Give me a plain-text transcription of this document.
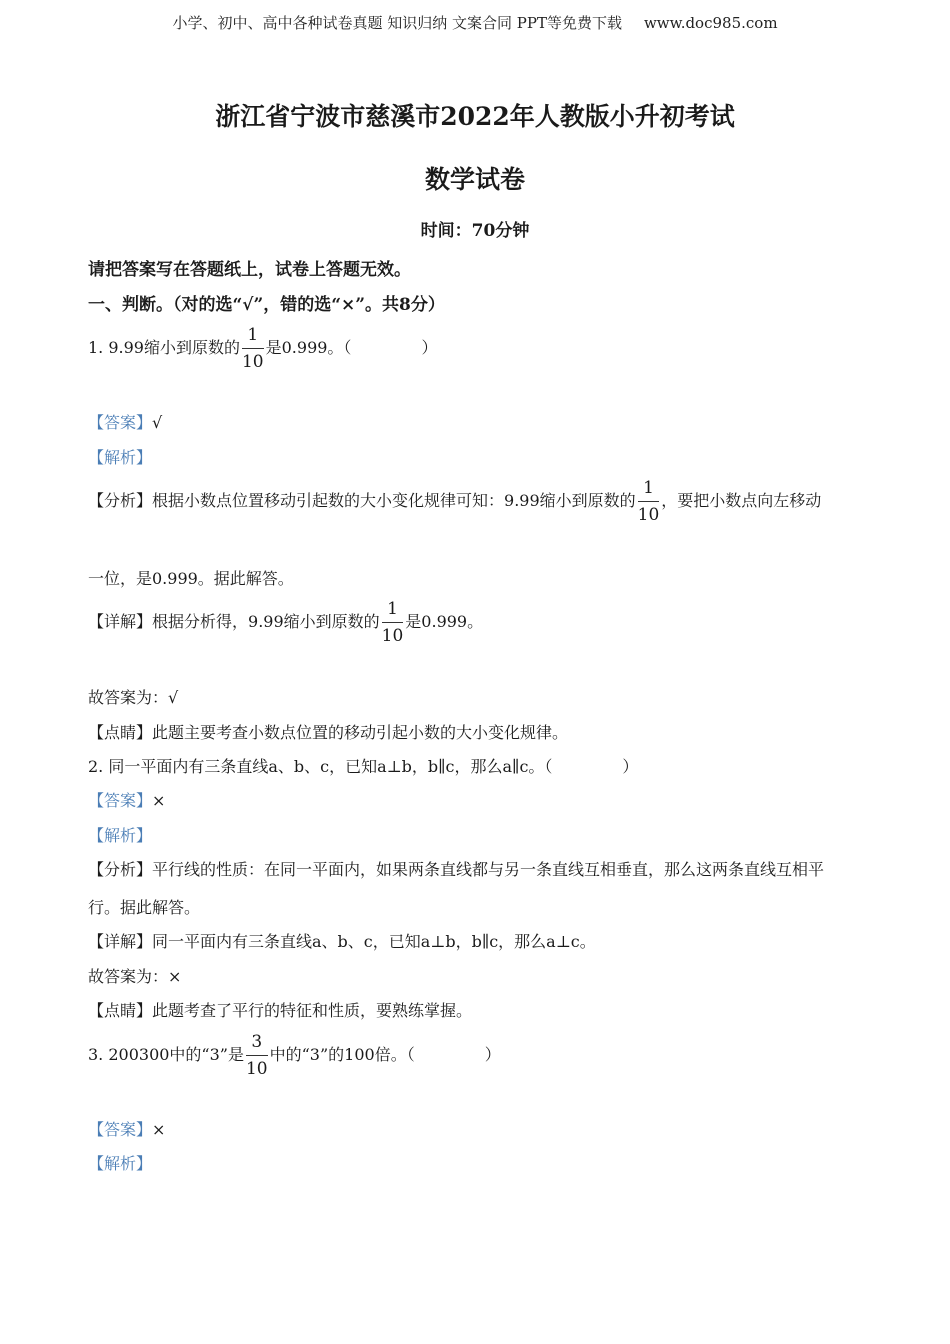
小学、初中、高中各种试卷真题 知识归纳 文案合同 PPT等免费下载 www.doc985.com
浙江省宁波市慈溪市2022年人教版小升初考试
数学试卷
时间：70分钟
请把答案写在答题纸上，试卷上答题无效。
一、判断。（对的选“√”，错的选“×”。共8分）
1. 9.99缩小到原数的 $\frac{1}{10}$ 是0.999。（	）
【答案】√
【解析】
【分析】根据小数点位置移动引起数的大小变化规律可知：9.99缩小到原数的 $\frac{1}{10}$ ，要把小数点向左移动
一位，是0.999。据此解答。
【详解】根据分析得，9.99缩小到原数的 $\frac{1}{10}$ 是0.999。
故答案为：√
【点睛】此题主要考查小数点位置的移动引起小数的大小变化规律。
2. 同一平面内有三条直线a、b、c，已知a⊥b，b∥c，那么a∥c。（	）
【答案】×
【解析】
【分析】平行线的性质：在同一平面内，如果两条直线都与另一条直线互相垂直，那么这两条直线互相平
行。据此解答。
【详解】同一平面内有三条直线a、b、c，已知a⊥b，b∥c，那么a⊥c。
故答案为：×
【点睛】此题考查了平行的特征和性质，要熟练掌握。
3. 200300中的“3”是 $\frac{3}{10}$ 中的“3”的100倍。（	）
【答案】×
【解析】
